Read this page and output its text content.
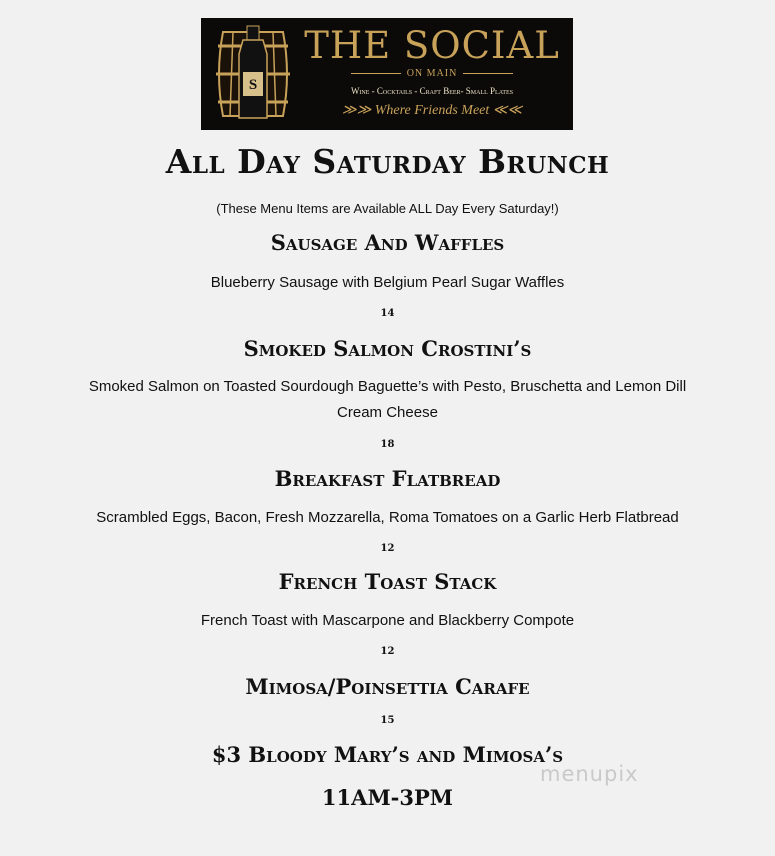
S
THE SOCIAL
ON MAIN
Wine - Cocktails - Craft Beer- Small Plates
≫≫ Where Friends Meet ≪≪
All Day Saturday Brunch
(These Menu Items are Available ALL Day Every Saturday!)
Sausage And Waffles
Blueberry Sausage with Belgium Pearl Sugar Waffles
14
Smoked Salmon Crostini’s
Smoked Salmon on Toasted Sourdough Baguette’s with Pesto, Bruschetta and Lemon Dill
Cream Cheese
18
Breakfast Flatbread
Scrambled Eggs, Bacon, Fresh Mozzarella, Roma Tomatoes on a Garlic Herb Flatbread
12
French Toast Stack
French Toast with Mascarpone and Blackberry Compote
12
Mimosa/Poinsettia Carafe
15
$3 Bloody Mary’s and Mimosa’s
11AM-3PM
menupix
